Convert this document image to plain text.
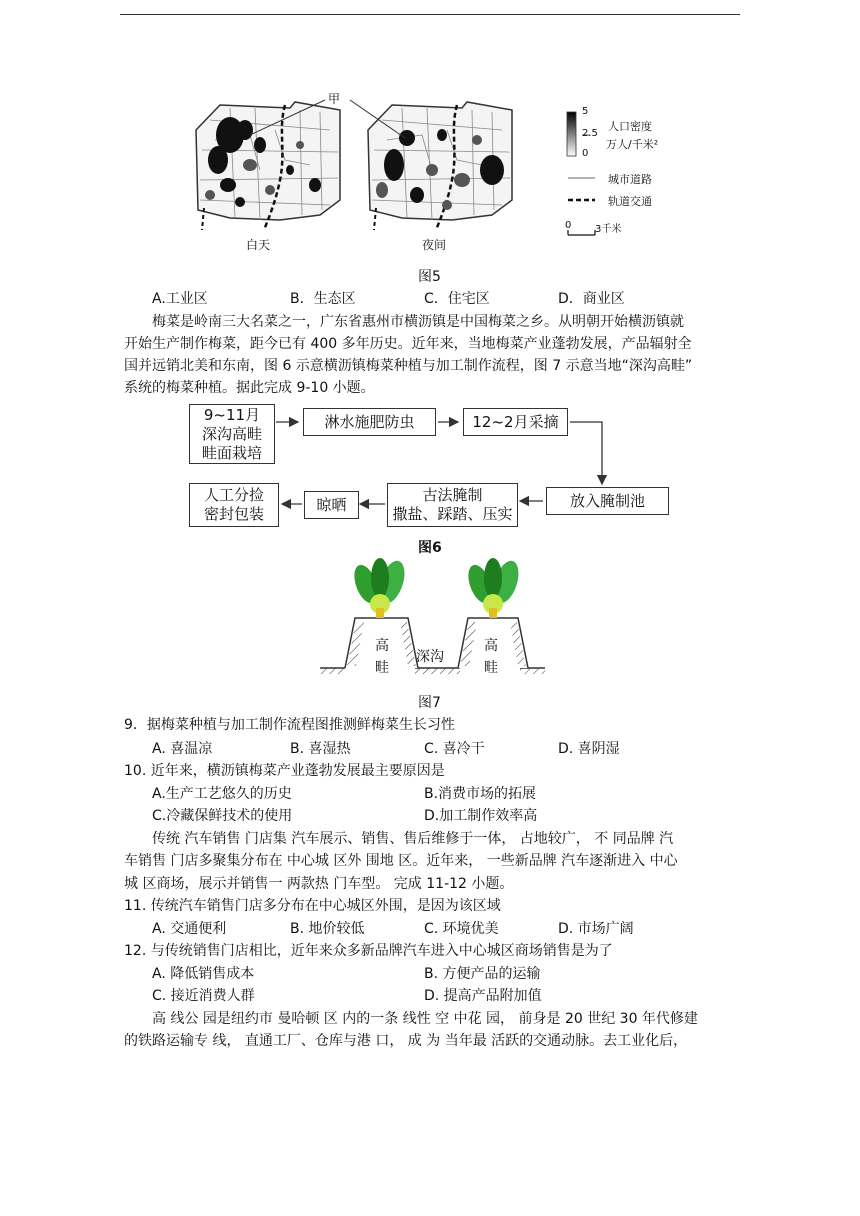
甲
白天	夜间
5
2.5
0
人口密度
万人/千米²
城市道路
轨道交通
0 3千米
图5
A.工业区	B．生态区	C．住宅区	D．商业区
梅菜是岭南三大名菜之一，广东省惠州市横沥镇是中国梅菜之乡。从明朝开始横沥镇就
开始生产制作梅菜，距今已有 400 多年历史。近年来，当地梅菜产业蓬勃发展，产品辐射全
国并远销北美和东南，图 6 示意横沥镇梅菜种植与加工制作流程，图 7 示意当地“深沟高畦”
系统的梅菜种植。据此完成 9-10 小题。
9~11月
深沟高畦
畦面栽培
淋水施肥防虫	12~2月采摘
放入腌制池
古法腌制
撒盐、踩踏、压实
晾晒
人工分捡
密封包装
图6
高
畦
高
畦
深沟
图7
9．据梅菜种植与加工制作流程图推测鲜梅菜生长习性
A. 喜温凉	B. 喜湿热	C. 喜冷干	D. 喜阴湿
10. 近年来，横沥镇梅菜产业蓬勃发展最主要原因是
A.生产工艺悠久的历史	B.消费市场的拓展
C.冷藏保鲜技术的使用	D.加工制作效率高
传统 汽车销售 门店集 汽车展示、销售、售后维修于一体， 占地较广， 不 同品牌 汽
车销售 门店多聚集分布在 中心城 区外 围地 区。近年来， 一些新品牌 汽车逐渐进入 中心
城 区商场，展示并销售一 两款热 门车型。 完成 11-12 小题。
11. 传统汽车销售门店多分布在中心城区外围，是因为该区域
A. 交通便利	B. 地价较低	C. 环境优美	D. 市场广阔
12. 与传统销售门店相比，近年来众多新品牌汽车进入中心城区商场销售是为了
A. 降低销售成本	B. 方便产品的运输
C. 接近消费人群	D. 提高产品附加值
高 线公 园是纽约市 曼哈顿 区 内的一条 线性 空 中花 园， 前身是 20 世纪 30 年代修建
的铁路运输专 线， 直通工厂、仓库与港 口， 成 为 当年最 活跃的交通动脉。去工业化后，
